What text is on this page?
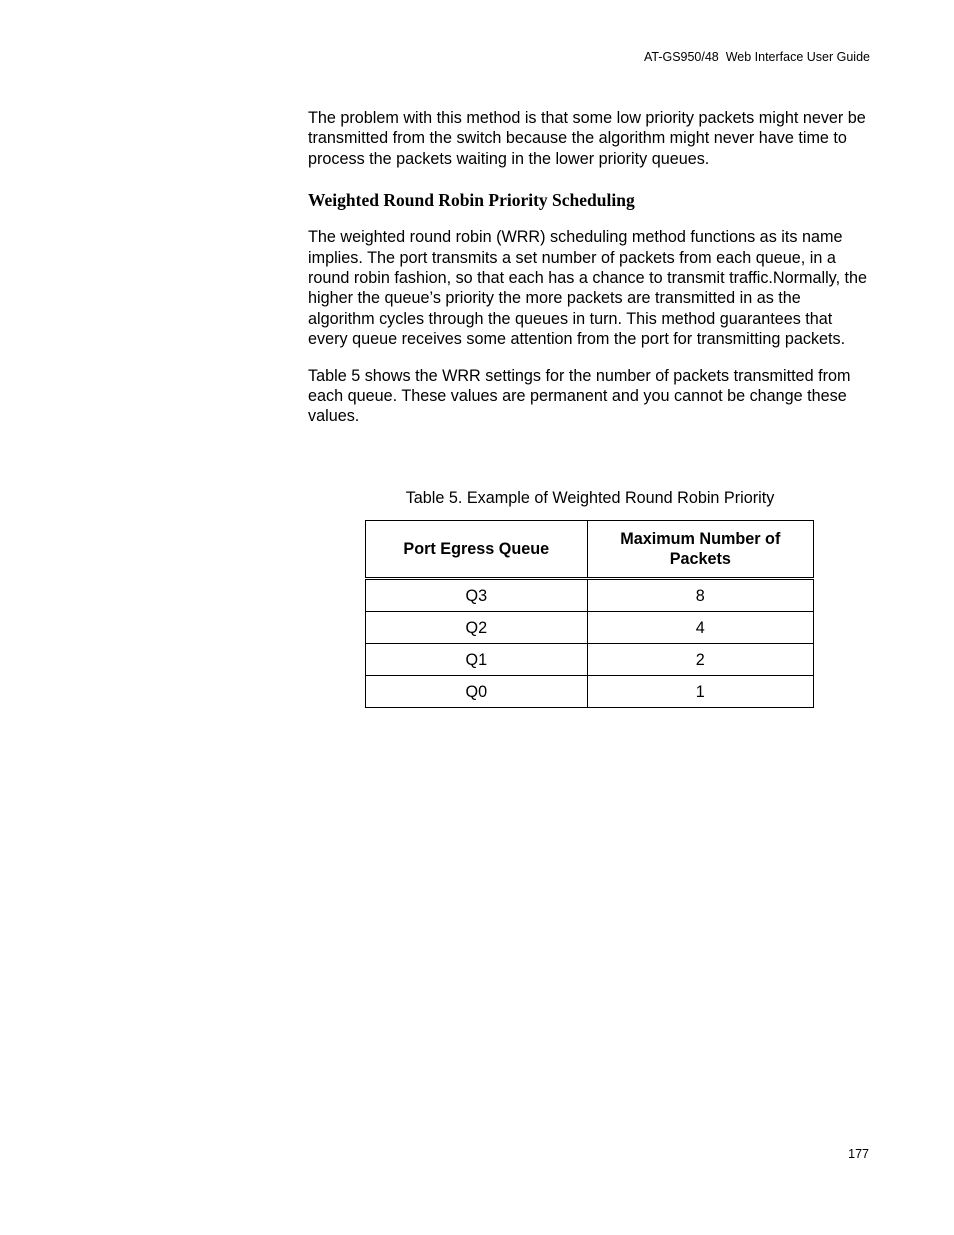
AT-GS950/48  Web Interface User Guide

The problem with this method is that some low priority packets might never be transmitted from the switch because the algorithm might never have time to process the packets waiting in the lower priority queues.

Weighted Round Robin Priority Scheduling

The weighted round robin (WRR) scheduling method functions as its name implies. The port transmits a set number of packets from each queue, in a round robin fashion, so that each has a chance to transmit traffic.Normally, the higher the queue’s priority the more packets are transmitted in as the algorithm cycles through the queues in turn. This method guarantees that every queue receives some attention from the port for transmitting packets.

Table 5 shows the WRR settings for the number of packets transmitted from each queue. These values are permanent and you cannot be change these values.

Table 5. Example of Weighted Round Robin Priority

Port Egress Queue	Maximum Number of Packets
Q3	8
Q2	4
Q1	2
Q0	1
177
